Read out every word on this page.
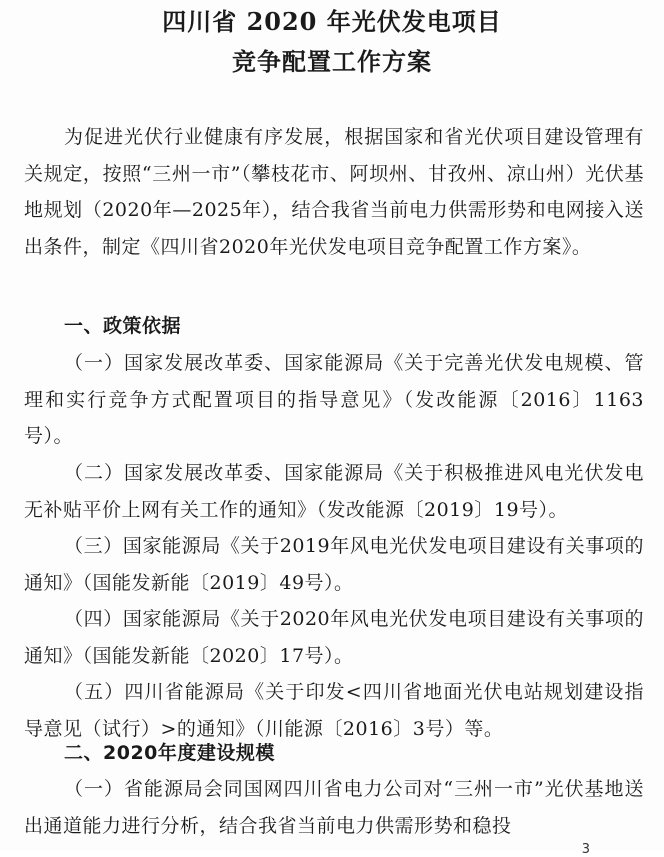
四川省 2020 年光伏发电项目
竞争配置工作方案

为促进光伏行业健康有序发展，根据国家和省光伏项目建设管理有关规定，按照“三州一市”（攀枝花市、阿坝州、甘孜州、凉山州）光伏基地规划（2020年—2025年），结合我省当前电力供需形势和电网接入送出条件，制定《四川省2020年光伏发电项目竞争配置工作方案》。

一、政策依据

（一）国家发展改革委、国家能源局《关于完善光伏发电规模、管理和实行竞争方式配置项目的指导意见》（发改能源〔2016〕1163号）。

（二）国家发展改革委、国家能源局《关于积极推进风电光伏发电无补贴平价上网有关工作的通知》（发改能源〔2019〕19号）。

（三）国家能源局《关于2019年风电光伏发电项目建设有关事项的通知》（国能发新能〔2019〕49号）。

（四）国家能源局《关于2020年风电光伏发电项目建设有关事项的通知》（国能发新能〔2020〕17号）。

（五）四川省能源局《关于印发<四川省地面光伏电站规划建设指导意见（试行）>的通知》（川能源〔2016〕3号）等。

二、2020年度建设规模

（一）省能源局会同国网四川省电力公司对“三州一市”光伏基地送出通道能力进行分析，结合我省当前电力供需形势和稳投

3
